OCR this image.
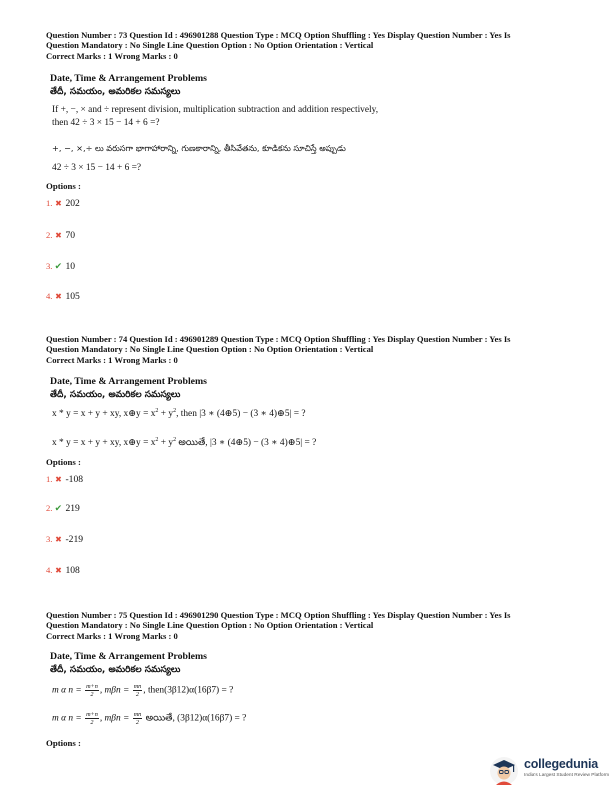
Question Number : 73 Question Id : 496901288 Question Type : MCQ Option Shuffling : Yes Display Question Number : Yes Is
Question Mandatory : No Single Line Question Option : No Option Orientation : Vertical
Correct Marks : 1 Wrong Marks : 0
Date, Time & Arrangement Problems
తేదీ, సమయం, అమరికల సమస్యలు
If +, −, × and ÷ represent division, multiplication subtraction and addition respectively,
then 42 ÷ 3 × 15 − 14 + 6 =?
+, −, ×,÷ లు వరుసగా భాగాహారాన్ని, గుణకారాన్ని, తీసివేతను, కూడికను సూచిస్తే అప్పుడు
42 ÷ 3 × 15 − 14 + 6 =?
Options :
1. ✖ 202
2. ✖ 70
3. ✔ 10
4. ✖ 105
Question Number : 74 Question Id : 496901289 Question Type : MCQ Option Shuffling : Yes Display Question Number : Yes Is
Question Mandatory : No Single Line Question Option : No Option Orientation : Vertical
Correct Marks : 1 Wrong Marks : 0
Date, Time & Arrangement Problems
తేదీ, సమయం, అమరికల సమస్యలు
x * y = x + y + xy, x⊕y = $x^2 + y^2$, then |3 ∗ (4⊕5) − (3 ∗ 4)⊕5| = ?
x * y = x + y + xy, x⊕y = $x^2 + y^2$ అయితే, |3 ∗ (4⊕5) − (3 ∗ 4)⊕5| = ?
Options :
1. ✖ -108
2. ✔ 219
3. ✖ -219
4. ✖ 108
Question Number : 75 Question Id : 496901290 Question Type : MCQ Option Shuffling : Yes Display Question Number : Yes Is
Question Mandatory : No Single Line Question Option : No Option Orientation : Vertical
Correct Marks : 1 Wrong Marks : 0
Date, Time & Arrangement Problems
తేదీ, సమయం, అమరికల సమస్యలు
m α $n = \frac{m+n}{2}$ , $m\beta n = \frac{mn}{2}$ , then(3β12)α(16β7) = ?
m α $n = \frac{m+n}{2}$ , $m\beta n = \frac{mn}{2}$ అయితే, (3β12)α(16β7) = ?
Options :
collegedunia
India's Largest Student Review Platform
